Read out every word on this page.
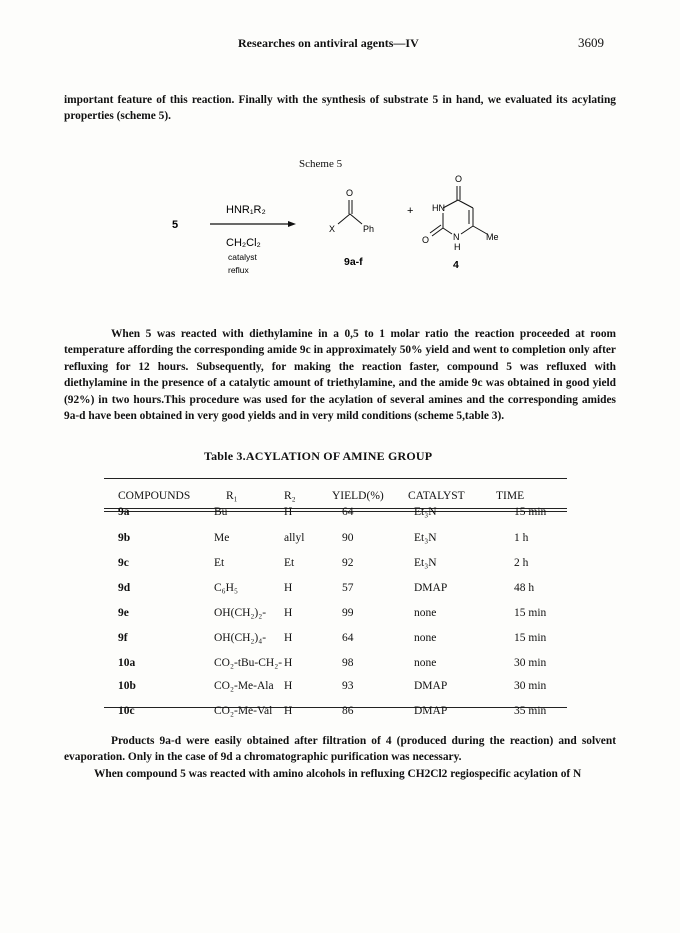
Researches on antiviral agents—IV	3609
important feature of this reaction. Finally with the synthesis of substrate 5 in hand, we evaluated its acylating
properties (scheme 5).
Scheme 5
5
HNR₁R₂
CH₂Cl₂
catalyst
reflux
O
X	Ph
9a-f
+
O
HN
O	N
H
Me
4
When 5 was reacted with diethylamine in a 0,5 to 1 molar ratio the reaction proceeded at room
temperature affording the corresponding amide 9c in approximately 50% yield and went to completion only after
refluxing for 12 hours. Subsequently, for making the reaction faster, compound 5 was refluxed with
diethylamine in the presence of a catalytic amount of triethylamine, and the amide 9c was obtained in good yield
(92%) in two hours.This procedure was used for the acylation of several amines and the corresponding amides
9a-d have been obtained in very good yields and in very mild conditions (scheme 5,table 3).
Table 3.ACYLATION OF AMINE GROUP
COMPOUNDS	R₁	R₂	YIELD(%) CATALYST	TIME
9a	Bu	H	64	Et₃N	15 min
9b	Me	allyl	90	Et₃N	1 h
9c	Et	Et	92	Et₃N	2 h
9d	C₆H₅	H	57	DMAP	48 h
9e	OH(CH₂)₂- H	99	none	15 min
9f	OH(CH₂)₄- H	64	none	15 min
10a	CO₂-tBu-CH₂- H	98	none	30 min
10b	CO₂-Me-Ala H	93	DMAP	30 min
10c	CO₂-Me-Val H	86	DMAP	35 min
Products 9a-d were easily obtained after filtration of 4 (produced during the reaction) and solvent
evaporation. Only in the case of 9d a chromatographic purification was necessary.
When compound 5 was reacted with amino alcohols in refluxing CH2Cl2 regiospecific acylation of N
